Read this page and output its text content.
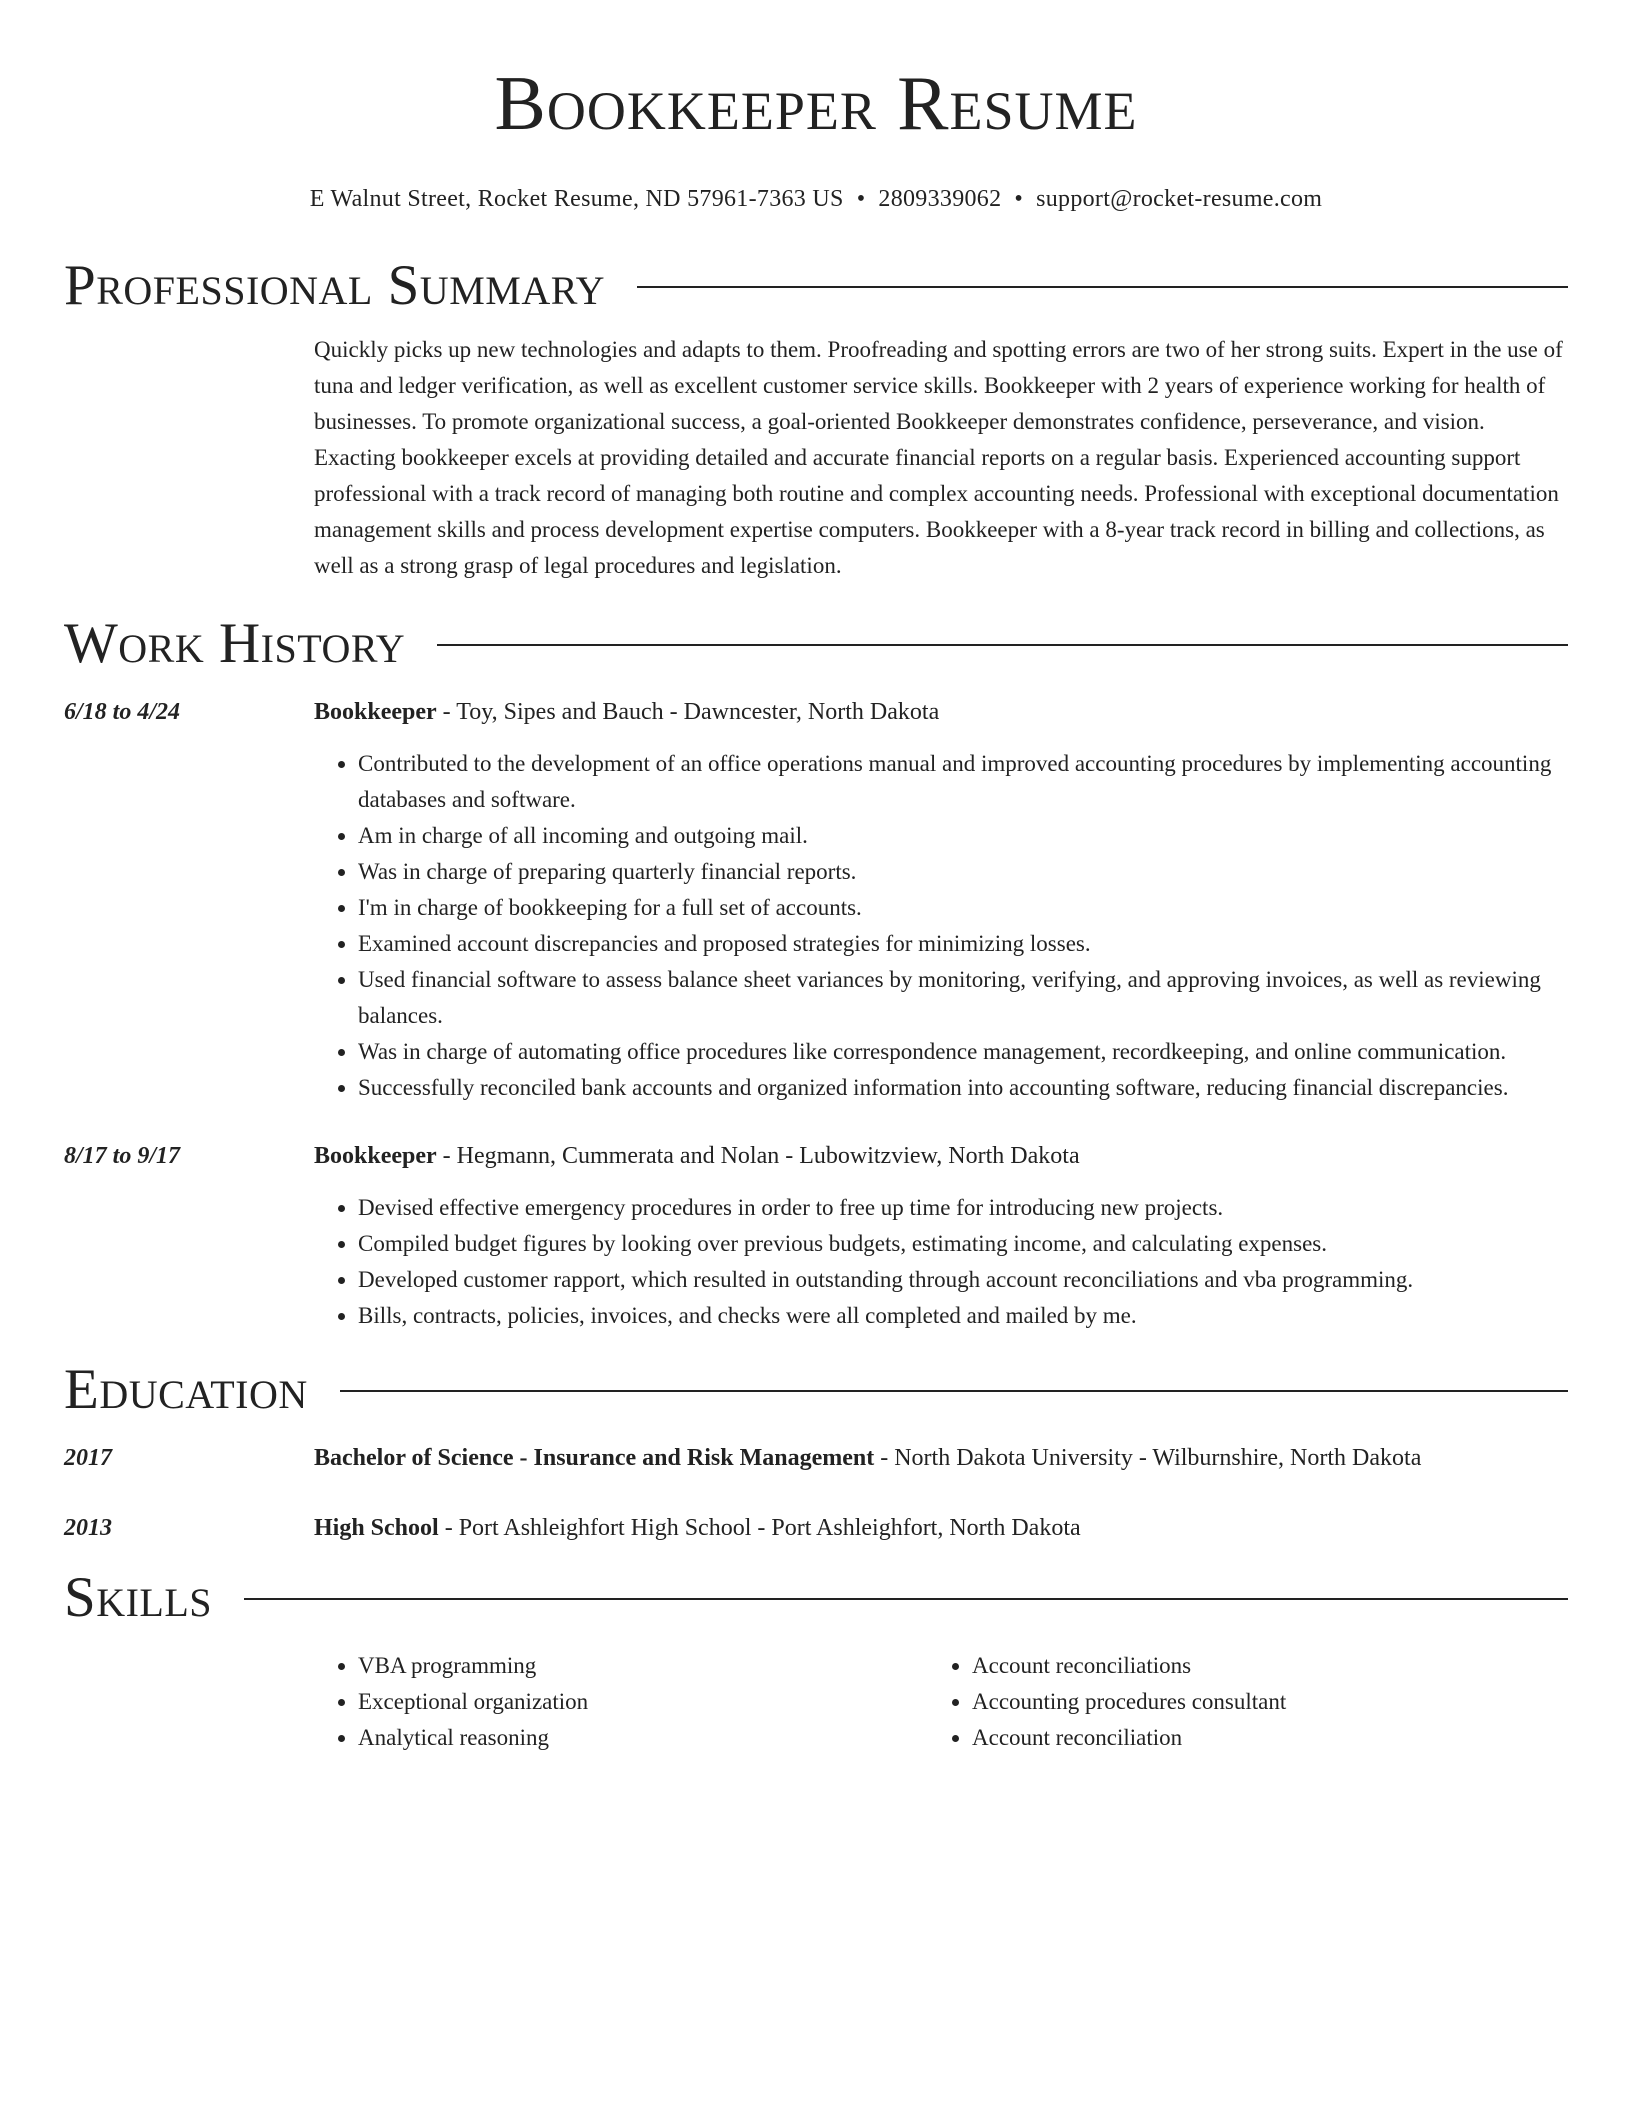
Bookkeeper Resume
E Walnut Street, Rocket Resume, ND 57961-7363 US • 2809339062 • support@rocket-resume.com
Professional Summary
Quickly picks up new technologies and adapts to them. Proofreading and spotting errors are two of her strong suits. Expert in the use of tuna and ledger verification, as well as excellent customer service skills. Bookkeeper with 2 years of experience working for health of businesses. To promote organizational success, a goal-oriented Bookkeeper demonstrates confidence, perseverance, and vision. Exacting bookkeeper excels at providing detailed and accurate financial reports on a regular basis. Experienced accounting support professional with a track record of managing both routine and complex accounting needs. Professional with exceptional documentation management skills and process development expertise computers. Bookkeeper with a 8-year track record in billing and collections, as well as a strong grasp of legal procedures and legislation.
Work History
6/18 to 4/24	Bookkeeper - Toy, Sipes and Bauch - Dawncester, North Dakota
• Contributed to the development of an office operations manual and improved accounting procedures by implementing accounting databases and software.
• Am in charge of all incoming and outgoing mail.
• Was in charge of preparing quarterly financial reports.
• I'm in charge of bookkeeping for a full set of accounts.
• Examined account discrepancies and proposed strategies for minimizing losses.
• Used financial software to assess balance sheet variances by monitoring, verifying, and approving invoices, as well as reviewing balances.
• Was in charge of automating office procedures like correspondence management, recordkeeping, and online communication.
• Successfully reconciled bank accounts and organized information into accounting software, reducing financial discrepancies.
8/17 to 9/17	Bookkeeper - Hegmann, Cummerata and Nolan - Lubowitzview, North Dakota
• Devised effective emergency procedures in order to free up time for introducing new projects.
• Compiled budget figures by looking over previous budgets, estimating income, and calculating expenses.
• Developed customer rapport, which resulted in outstanding through account reconciliations and vba programming.
• Bills, contracts, policies, invoices, and checks were all completed and mailed by me.
Education
2017	Bachelor of Science - Insurance and Risk Management - North Dakota University - Wilburnshire, North Dakota
2013	High School - Port Ashleighfort High School - Port Ashleighfort, North Dakota
Skills
• VBA programming
• Exceptional organization
• Analytical reasoning
• Account reconciliations
• Accounting procedures consultant
• Account reconciliation
